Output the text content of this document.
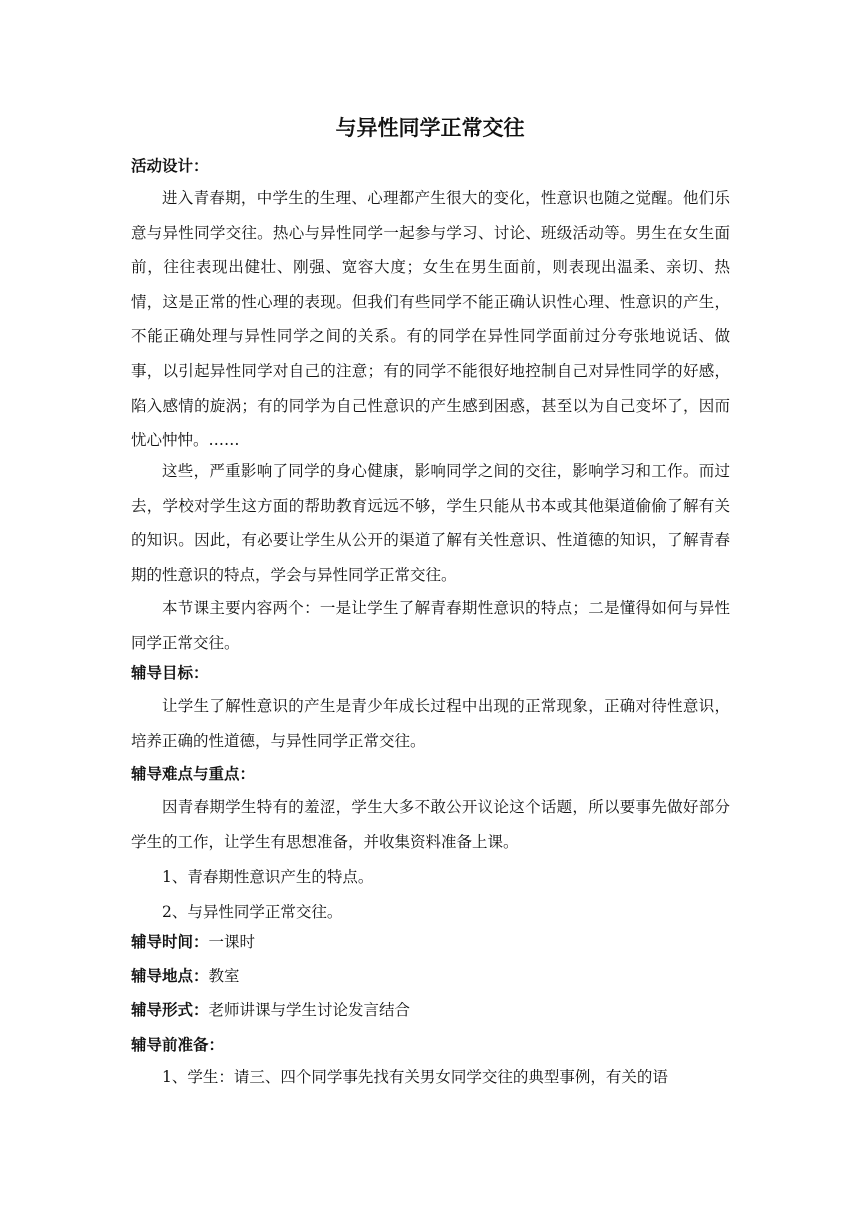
与异性同学正常交往
活动设计：

进入青春期，中学生的生理、心理都产生很大的变化，性意识也随之觉醒。他们乐意与异性同学交往。热心与异性同学一起参与学习、讨论、班级活动等。男生在女生面前，往往表现出健壮、刚强、宽容大度；女生在男生面前，则表现出温柔、亲切、热情，这是正常的性心理的表现。但我们有些同学不能正确认识性心理、性意识的产生，不能正确处理与异性同学之间的关系。有的同学在异性同学面前过分夸张地说话、做事，以引起异性同学对自己的注意；有的同学不能很好地控制自己对异性同学的好感，陷入感情的旋涡；有的同学为自己性意识的产生感到困惑，甚至以为自己变坏了，因而忧心忡忡。……

这些，严重影响了同学的身心健康，影响同学之间的交往，影响学习和工作。而过去，学校对学生这方面的帮助教育远远不够，学生只能从书本或其他渠道偷偷了解有关的知识。因此，有必要让学生从公开的渠道了解有关性意识、性道德的知识，了解青春期的性意识的特点，学会与异性同学正常交往。

本节课主要内容两个：一是让学生了解青春期性意识的特点；二是懂得如何与异性同学正常交往。

辅导目标：

让学生了解性意识的产生是青少年成长过程中出现的正常现象，正确对待性意识，培养正确的性道德，与异性同学正常交往。

辅导难点与重点：

因青春期学生特有的羞涩，学生大多不敢公开议论这个话题，所以要事先做好部分学生的工作，让学生有思想准备，并收集资料准备上课。

1、青春期性意识产生的特点。

2、与异性同学正常交往。

辅导时间：一课时
辅导地点：教室
辅导形式：老师讲课与学生讨论发言结合
辅导前准备：

1、学生：请三、四个同学事先找有关男女同学交往的典型事例，有关的语
